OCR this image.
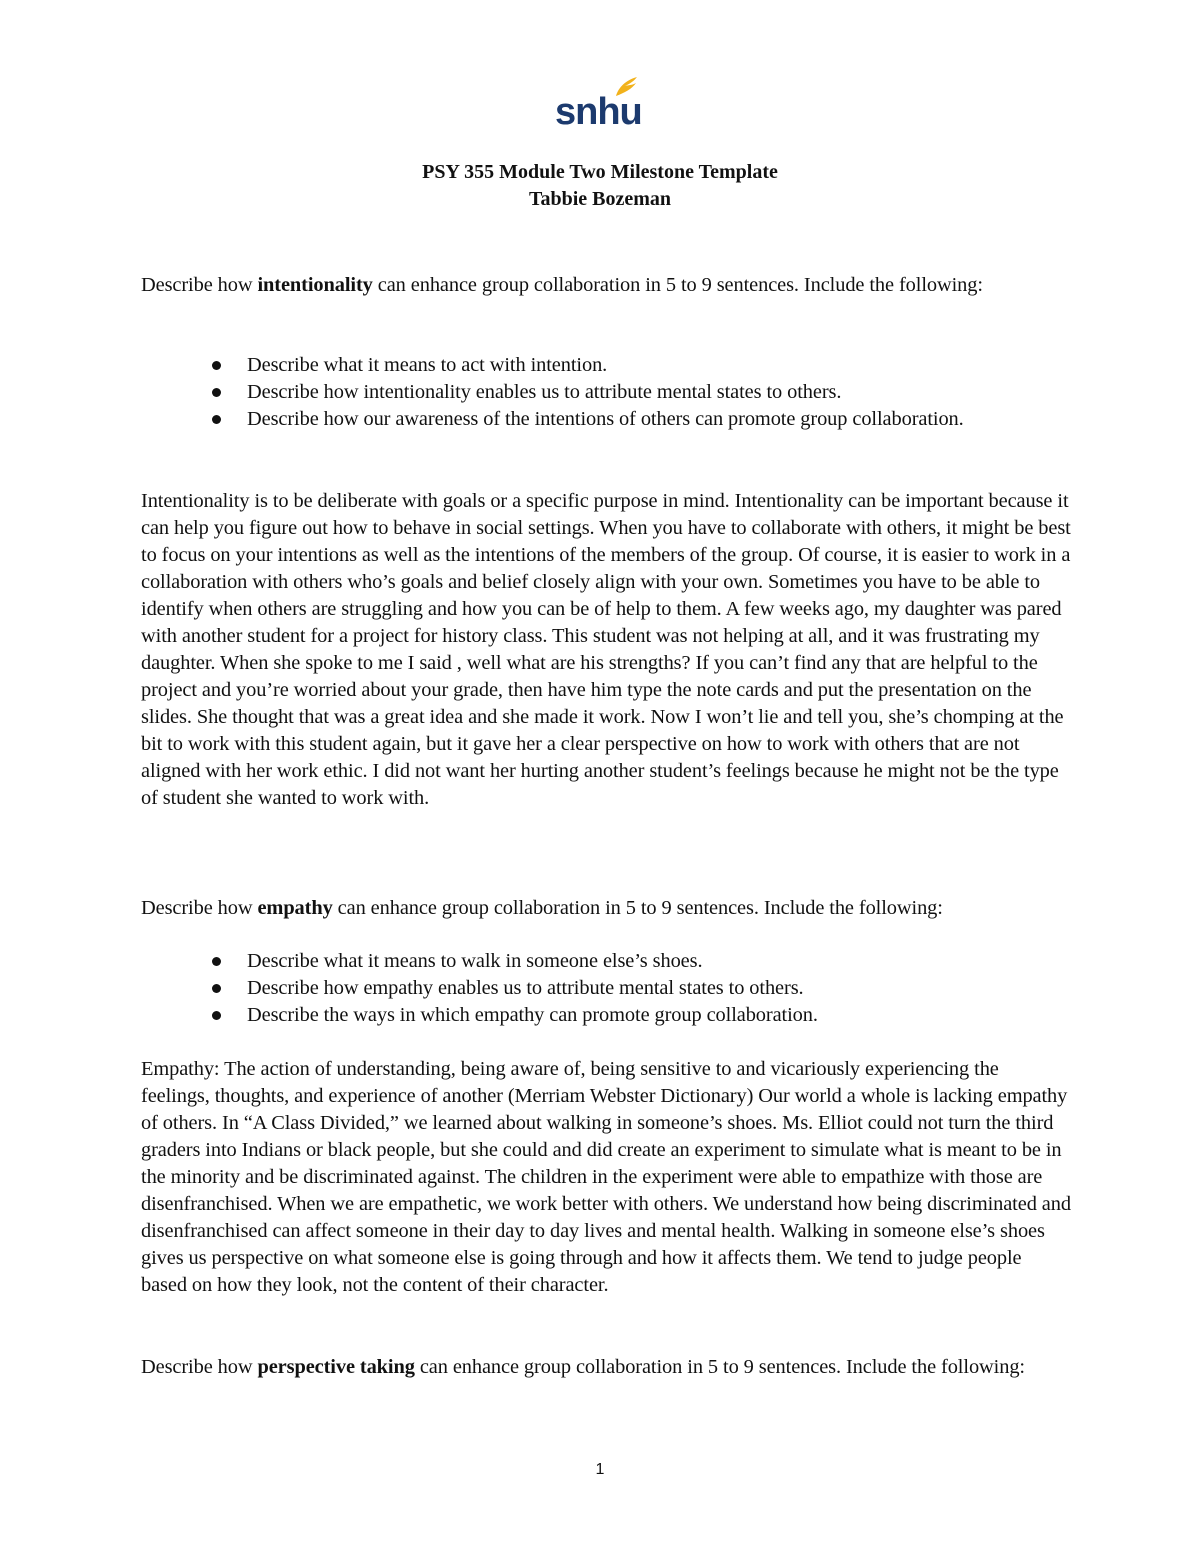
snhu
PSY 355 Module Two Milestone Template
Tabbie Bozeman

Describe how intentionality can enhance group collaboration in 5 to 9 sentences. Include the following:

Describe what it means to act with intention.
Describe how intentionality enables us to attribute mental states to others.
Describe how our awareness of the intentions of others can promote group collaboration.

Intentionality is to be deliberate with goals or a specific purpose in mind. Intentionality can be important because it can help you figure out how to behave in social settings. When you have to collaborate with others, it might be best to focus on your intentions as well as the intentions of the members of the group. Of course, it is easier to work in a collaboration with others who’s goals and belief closely align with your own. Sometimes you have to be able to identify when others are struggling and how you can be of help to them. A few weeks ago, my daughter was pared with another student for a project for history class. This student was not helping at all, and it was frustrating my daughter. When she spoke to me I said , well what are his strengths? If you can’t find any that are helpful to the project and you’re worried about your grade, then have him type the note cards and put the presentation on the slides. She thought that was a great idea and she made it work. Now I won’t lie and tell you, she’s chomping at the bit to work with this student again, but it gave her a clear perspective on how to work with others that are not aligned with her work ethic. I did not want her hurting another student’s feelings because he might not be the type of student she wanted to work with.

Describe how empathy can enhance group collaboration in 5 to 9 sentences. Include the following:

Describe what it means to walk in someone else’s shoes.
Describe how empathy enables us to attribute mental states to others.
Describe the ways in which empathy can promote group collaboration.

Empathy: The action of understanding, being aware of, being sensitive to and vicariously experiencing the feelings, thoughts, and experience of another (Merriam Webster Dictionary) Our world a whole is lacking empathy of others. In “A Class Divided,” we learned about walking in someone’s shoes. Ms. Elliot could not turn the third graders into Indians or black people, but she could and did create an experiment to simulate what is meant to be in the minority and be discriminated against. The children in the experiment were able to empathize with those are disenfranchised. When we are empathetic, we work better with others. We understand how being discriminated and disenfranchised can affect someone in their day to day lives and mental health. Walking in someone else’s shoes gives us perspective on what someone else is going through and how it affects them. We tend to judge people based on how they look, not the content of their character.

Describe how perspective taking can enhance group collaboration in 5 to 9 sentences. Include the following:

1
